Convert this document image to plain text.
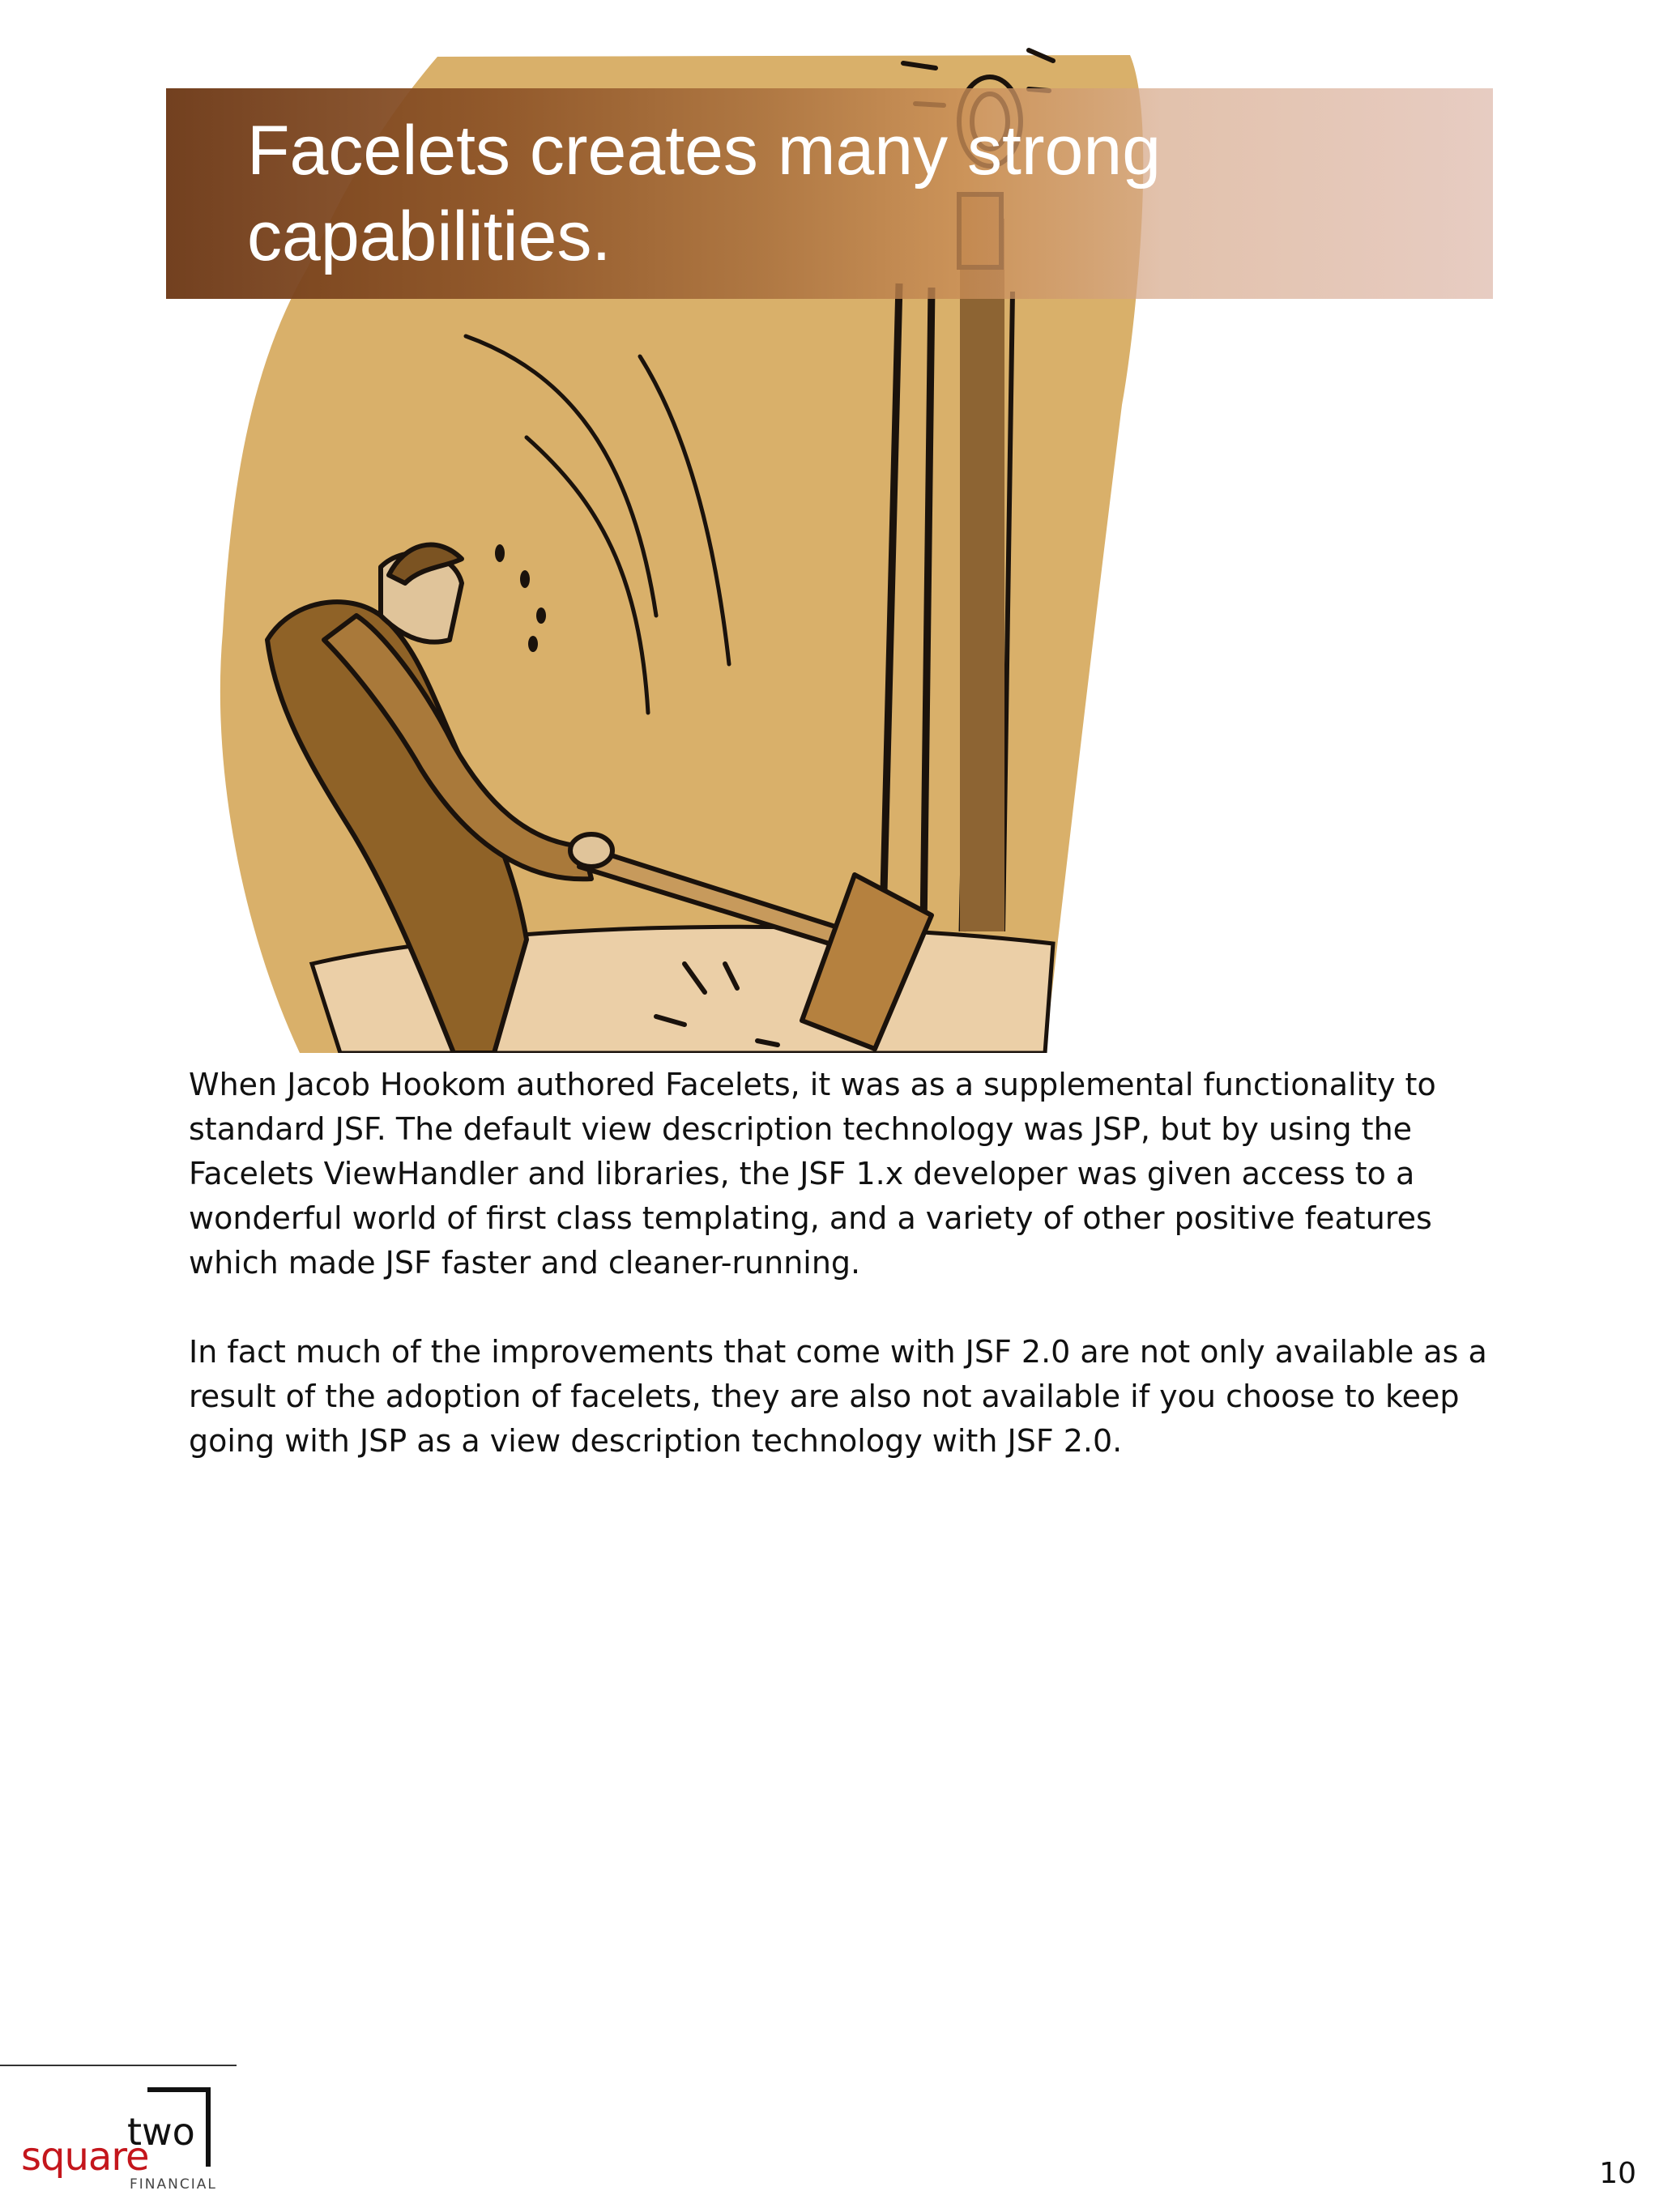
Facelets creates many strong capabilities.

When Jacob Hookom authored Facelets, it was as a supplemental functionality to standard JSF. The default view description technology was JSP, but by using the Facelets ViewHandler and libraries, the JSF 1.x developer was given access to a wonderful world of first class templating, and a variety of other positive features which made JSF faster and cleaner-running.

In fact much of the improvements that come with JSF 2.0 are not only available as a result of the adoption of facelets, they are also not available if you choose to keep going with JSP as a view description technology with JSF 2.0.

square
two
FINANCIAL	10
